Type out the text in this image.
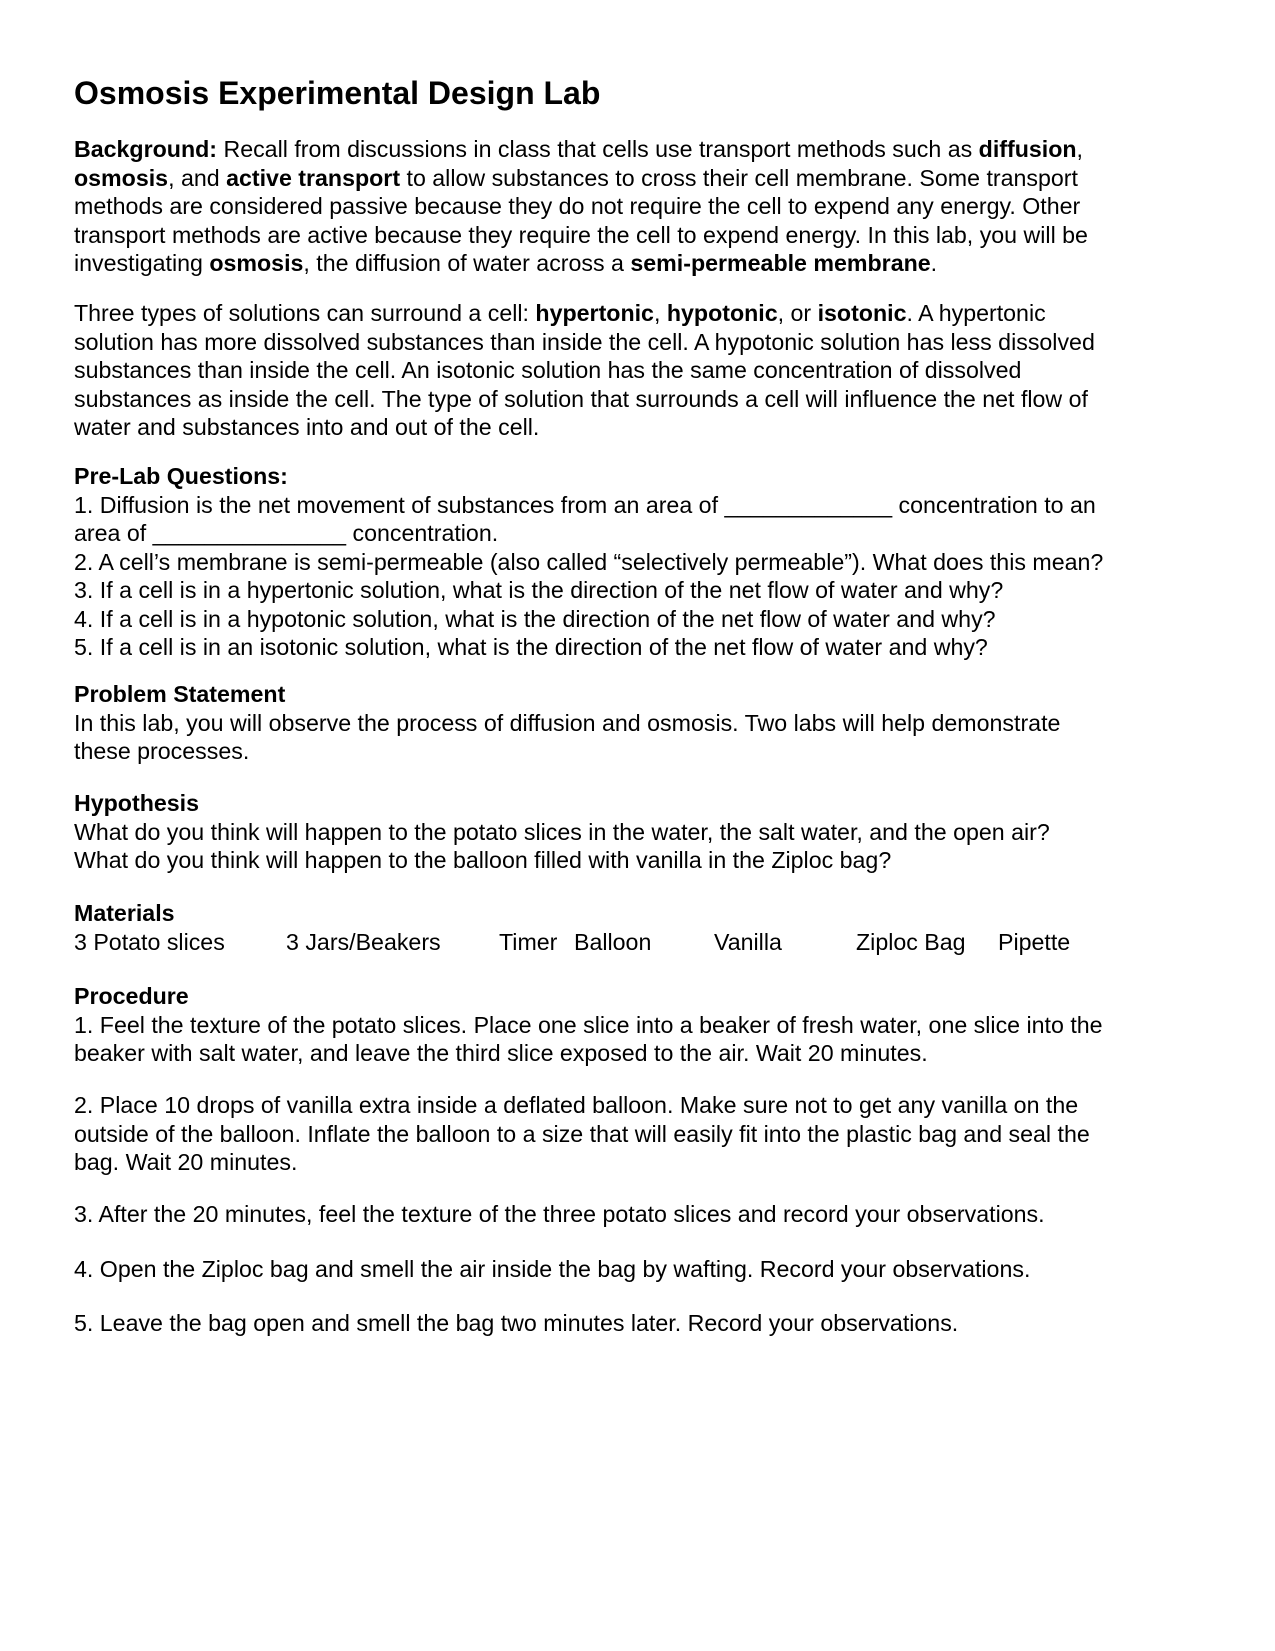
Osmosis Experimental Design Lab
Background: Recall from discussions in class that cells use transport methods such as diffusion,
osmosis, and active transport to allow substances to cross their cell membrane. Some transport
methods are considered passive because they do not require the cell to expend any energy. Other
transport methods are active because they require the cell to expend energy. In this lab, you will be
investigating osmosis, the diffusion of water across a semi-permeable membrane.
Three types of solutions can surround a cell: hypertonic, hypotonic, or isotonic. A hypertonic
solution has more dissolved substances than inside the cell. A hypotonic solution has less dissolved
substances than inside the cell. An isotonic solution has the same concentration of dissolved
substances as inside the cell. The type of solution that surrounds a cell will influence the net flow of
water and substances into and out of the cell.
Pre-Lab Questions:
1. Diffusion is the net movement of substances from an area of _____________ concentration to an
area of _______________ concentration.
2. A cell’s membrane is semi-permeable (also called “selectively permeable”). What does this mean?
3. If a cell is in a hypertonic solution, what is the direction of the net flow of water and why?
4. If a cell is in a hypotonic solution, what is the direction of the net flow of water and why?
5. If a cell is in an isotonic solution, what is the direction of the net flow of water and why?
Problem Statement
In this lab, you will observe the process of diffusion and osmosis. Two labs will help demonstrate
these processes.
Hypothesis
What do you think will happen to the potato slices in the water, the salt water, and the open air?
What do you think will happen to the balloon filled with vanilla in the Ziploc bag?
Materials
3 Potato slices	3 Jars/Beakers	Timer Balloon	Vanilla	Ziploc Bag Pipette
Procedure
1. Feel the texture of the potato slices. Place one slice into a beaker of fresh water, one slice into the
beaker with salt water, and leave the third slice exposed to the air. Wait 20 minutes.
2. Place 10 drops of vanilla extra inside a deflated balloon. Make sure not to get any vanilla on the
outside of the balloon. Inflate the balloon to a size that will easily fit into the plastic bag and seal the
bag. Wait 20 minutes.
3. After the 20 minutes, feel the texture of the three potato slices and record your observations.
4. Open the Ziploc bag and smell the air inside the bag by wafting. Record your observations.
5. Leave the bag open and smell the bag two minutes later. Record your observations.
